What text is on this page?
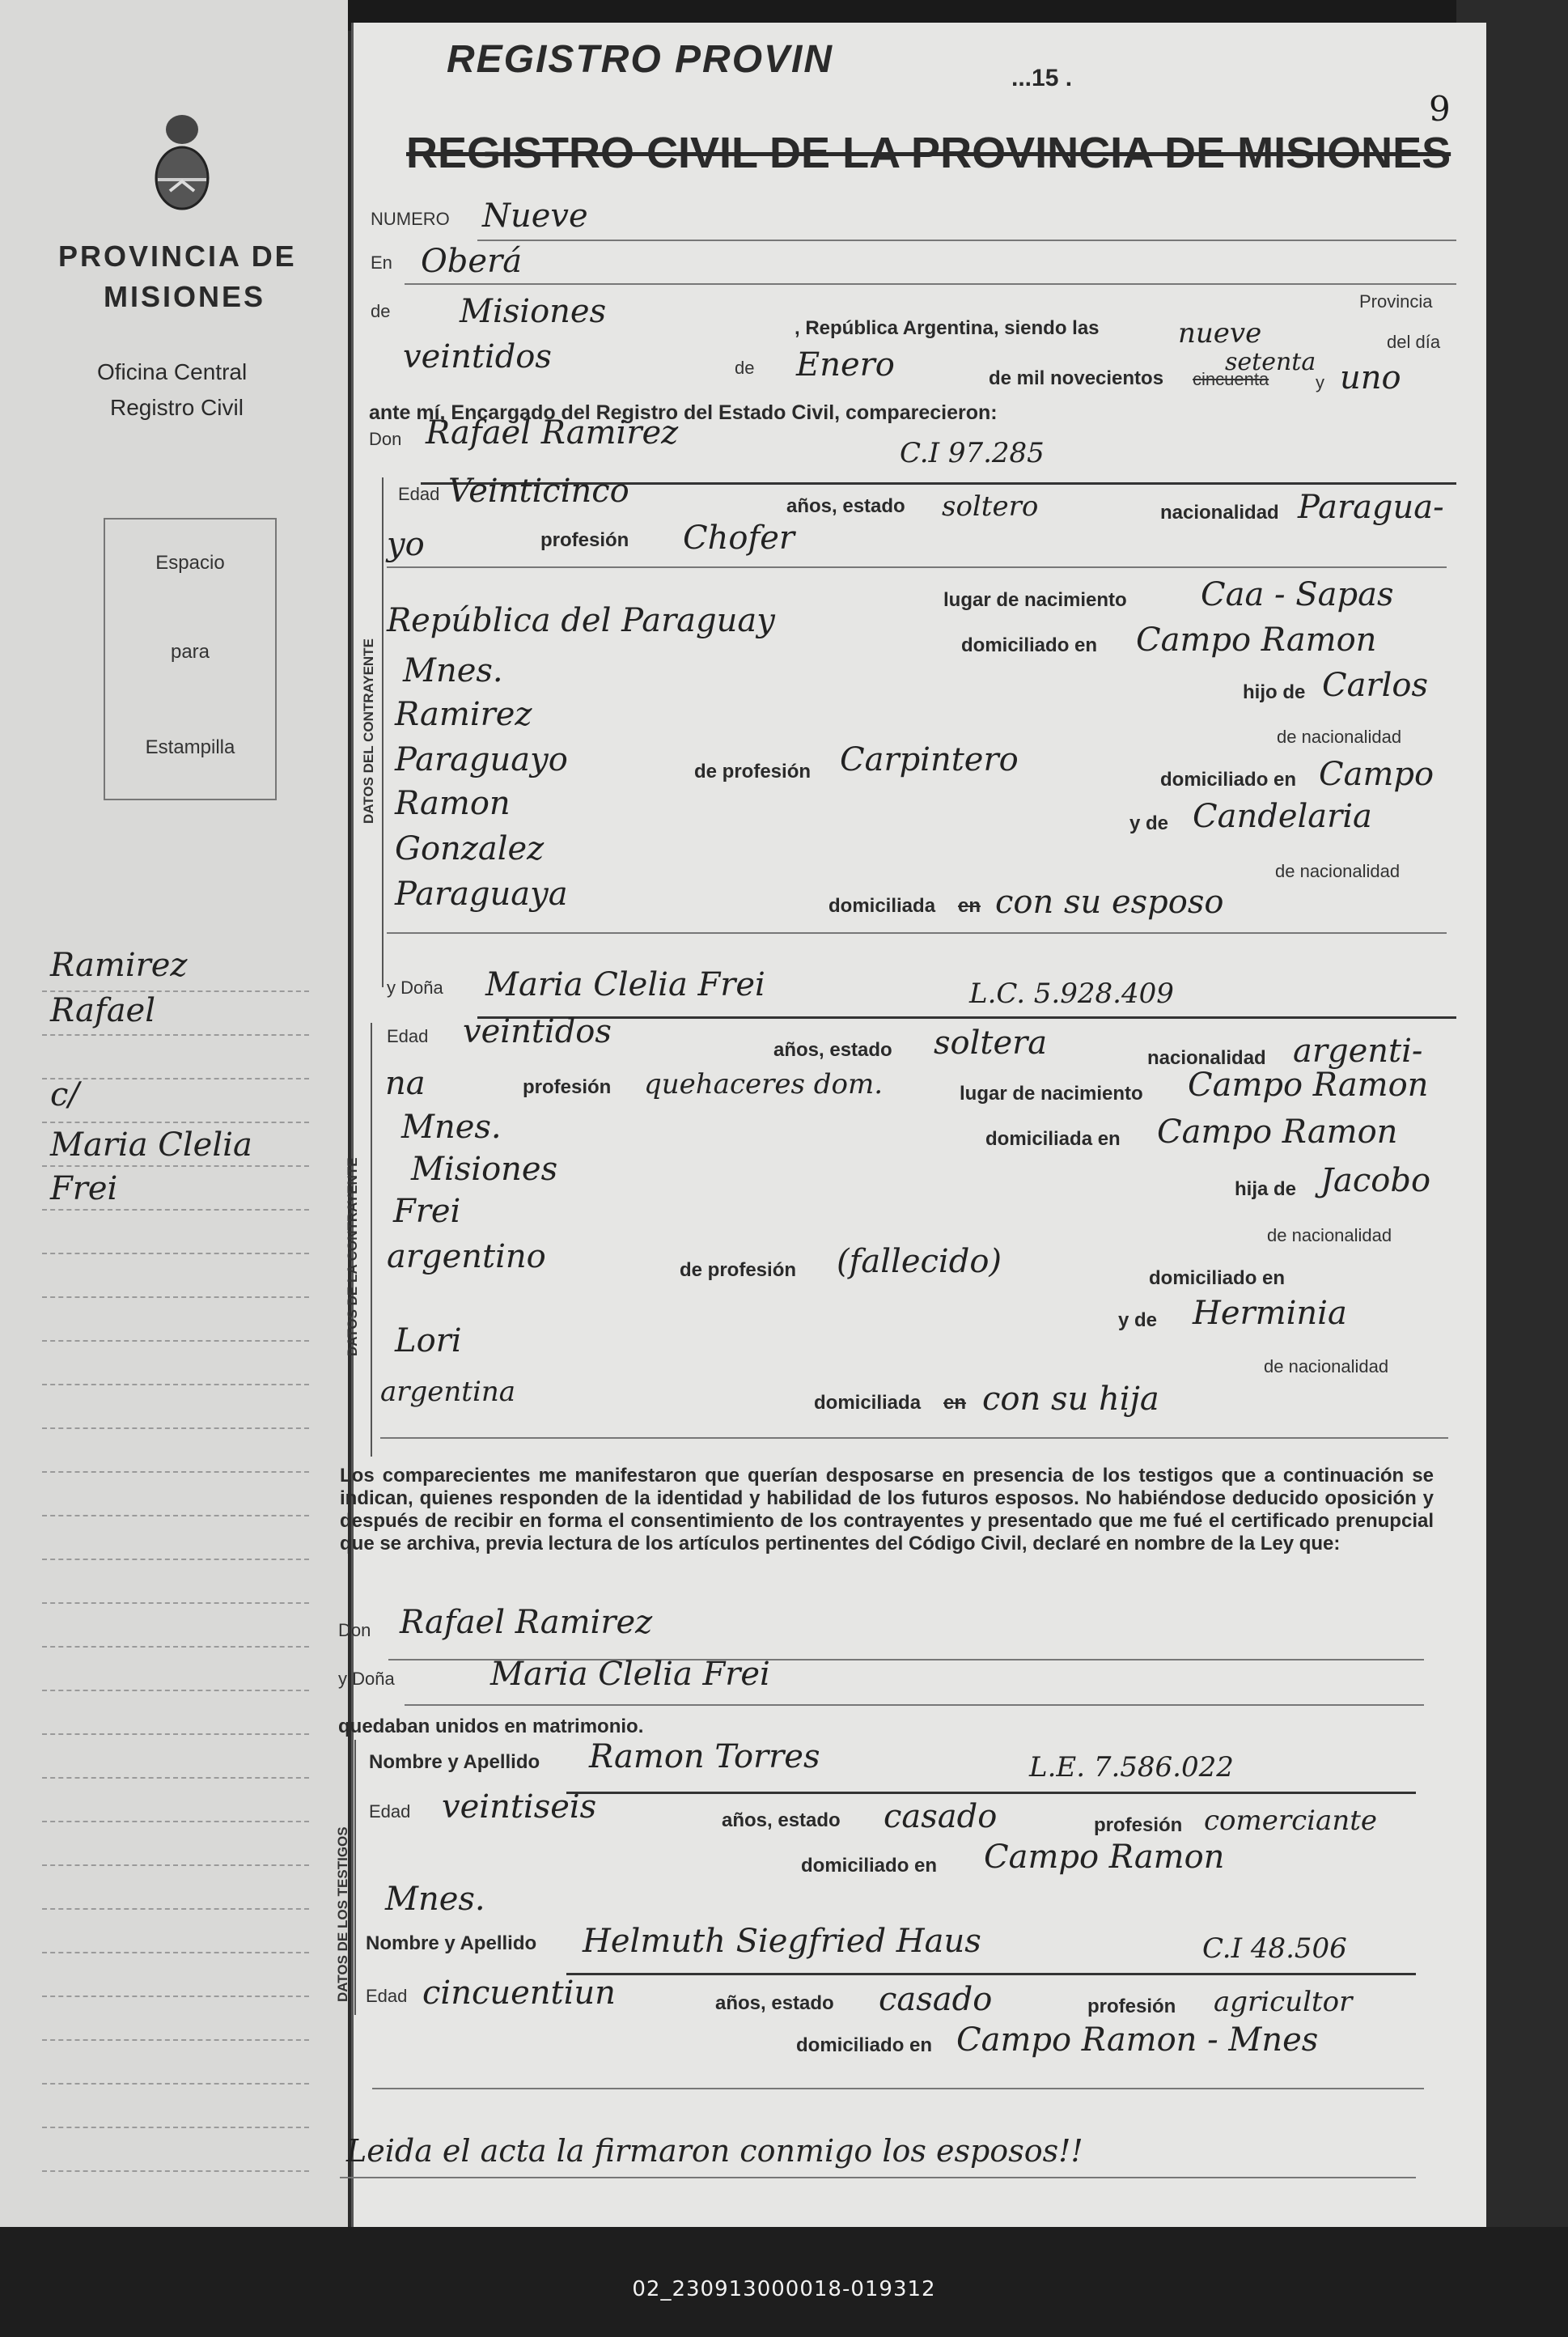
PROVINCIA DE
MISIONES
Oficina Central
Registro Civil
Espacio
para
Estampilla
Ramirez
Rafael
c/
Maria Clelia
Frei
REGISTRO PROVIN	...15 .
REGISTRO CIVIL DE LA PROVINCIA DE MISIONES
9
NUMERO Nueve
En Oberá
Provincia
de Misiones	, República Argentina, siendo las	nueve	del día
veintidos	de Enero	de mil novecientos cincuenta
setenta
y uno
ante mí, Encargado del Registro del Estado Civil, comparecieron:
Don Rafael Ramirez
C.I 97.285
DATOS DEL CONTRAYENTE
Edad Veinticinco	años, estado soltero	nacionalidad Paragua-
yo	profesión Chofer
lugar de nacimiento Caa - Sapas
República del Paraguay
domiciliado en Campo Ramon
Mnes.
hijo de Carlos
Ramirez
de nacionalidad
Paraguayo	de profesión Carpintero
domiciliado en Campo
Ramon
y de Candelaria
Gonzalez
de nacionalidad
Paraguaya	domiciliada en con su esposo
y Doña Maria Clelia Frei	L.C. 5.928.409
DATOS DE LA CONTRAYENTE
Edad veintidos	años, estado soltera	nacionalidad argenti-
na	profesión quehaceres dom.	lugar de nacimiento Campo Ramon
Mnes.	domiciliada en Campo Ramon
Misiones
hija de Jacobo
Frei
de nacionalidad
argentino	de profesión (fallecido)	domiciliado en
y de Herminia
Lori
de nacionalidad
argentina	domiciliada en con su hija
Los comparecientes me manifestaron que querían desposarse en presencia de los testigos que a continuación se indican, quienes responden de la identidad y habilidad de los futuros esposos. No habiéndose deducido oposición y después de recibir en forma el consentimiento de los contrayentes y presentado que me fué el certificado prenupcial que se archiva, previa lectura de los artículos pertinentes del Código Civil, declaré en nombre de la Ley que:
Don Rafael Ramirez
y Doña	Maria Clelia Frei
quedaban unidos en matrimonio.
DATOS DE LOS TESTIGOS
Nombre y Apellido Ramon Torres	L.E. 7.586.022
Edad veintiseis	años, estado casado	profesión comerciante
domiciliado en Campo Ramon
Mnes.
Nombre y Apellido Helmuth Siegfried Haus	C.I 48.506
Edad cincuentiun	años, estado casado	profesión agricultor
domiciliado en Campo Ramon - Mnes
Leida el acta la firmaron conmigo los esposos!!
02_230913000018-019312
